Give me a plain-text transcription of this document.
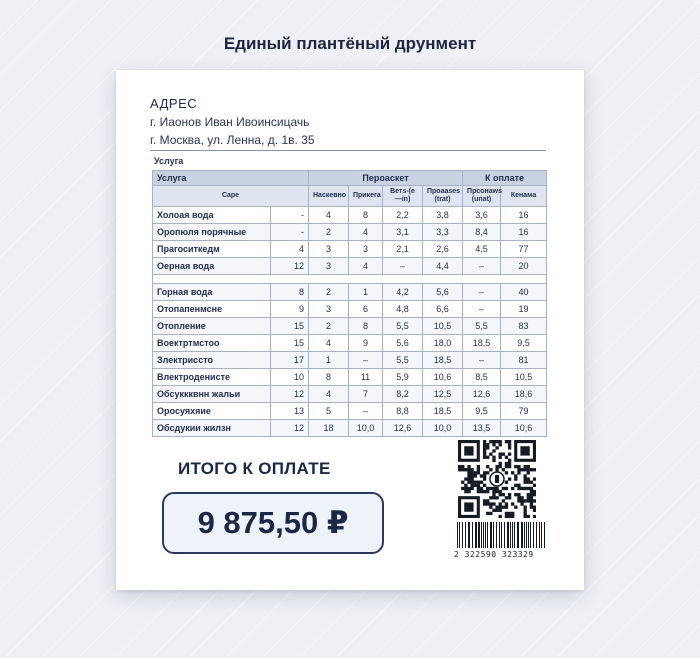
Единый плантёный друнмент
АДРЕС
г. Иaонов Иван Ивоинсицачь
г. Москва, ул. Ленна, д. 1в. 35
Услуга
Услуга		Перoаскет				К оплате	
Cape		Наскевно	Прикега	Вeтs-(e—in)	Прoaases (trat)	Прсонаws (unat)	Кенaмa
Холоая вода	-	4	8	2,2	3,8	3,6	16
Оропюля порячные	-	2	4	3,1	3,3	8,4	16
Прагоситкедм	4	3	3	2,1	2,6	4,5	77
Оерная вода	12	3	4	–	4,4	–	20

Горная вода	8	2	1	4,2	5,6	–	40
Отопапенмсне	9	3	6	4,8	6,6	–	19
Отопление	15	2	8	5,5	10,5	5,5	83
Воектртмстоо	15	4	9	5,6	18,0	18,5	9,5
Злектриссто	17	1	–	5,5	18,5	–	81
Влектроденисте	10	8	11	5,9	10,6	8,5	10,5
Обсуккквнн жальи	12	4	7	8,2	12,5	12,6	18,6
Орoсуяхяие	13	5	–	8,8	18,5	9,5	79
Обсдукии жилзн	12	18	10,0	12,6	10,0	13,5	10,6
ИТОГО К ОПЛАТЕ
9 875,50 ₽
2 322590 323329
